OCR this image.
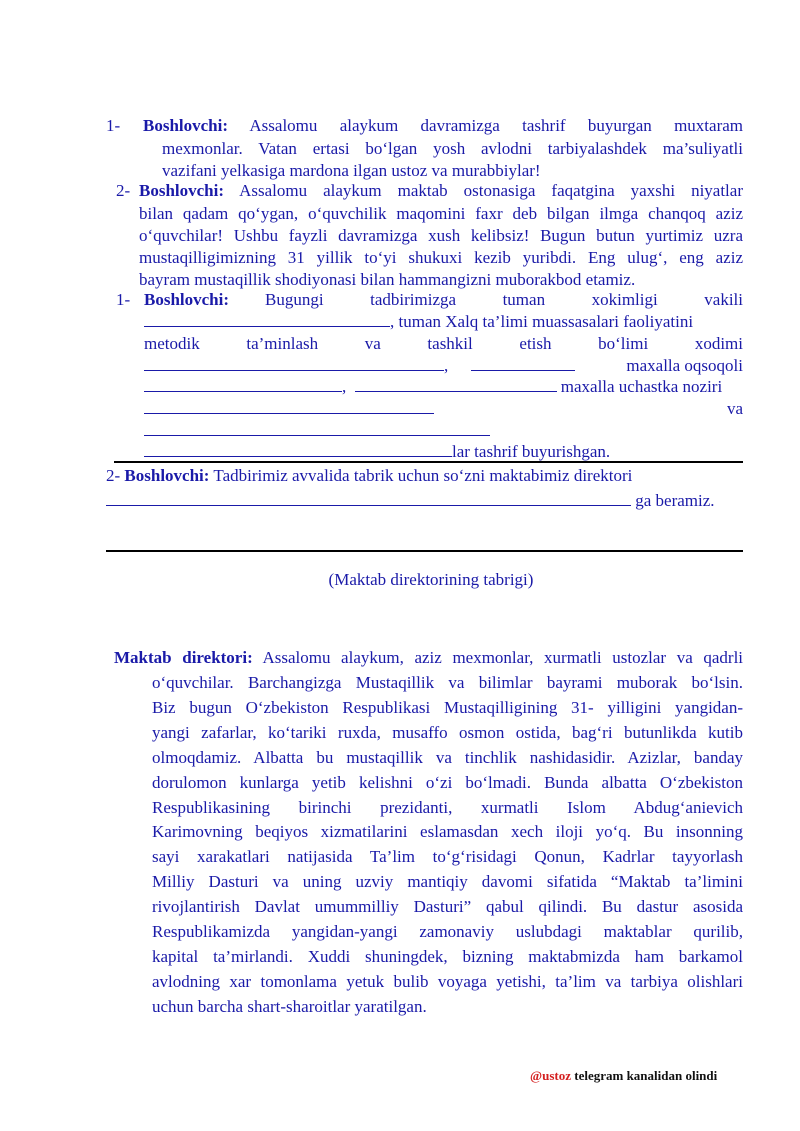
1- Boshlovchi: Assalomu alaykum davramizga tashrif buyurgan muxtaram
mexmonlar. Vatan ertasi bo‘lgan yosh avlodni tarbiyalashdek ma’suliyatli
vazifani yelkasiga mardona ilgan ustoz va murabbiylar!
2- Boshlovchi: Assalomu alaykum maktab ostonasiga faqatgina yaxshi niyatlar
bilan qadam qo‘ygan, o‘quvchilik maqomini faxr deb bilgan ilmga chanqoq aziz
o‘quvchilar! Ushbu fayzli davramizga xush kelibsiz! Bugun butun yurtimiz uzra
mustaqilligimizning 31 yillik to‘yi shukuxi kezib yuribdi. Eng ulug‘, eng aziz
bayram mustaqillik shodiyonasi bilan hammangizni muborakbod etamiz.
1- Boshlovchi: Bugungi tadbirimizga tuman xokimligi vakili
, tuman Xalq ta’limi muassasalari faoliyatini
metodik ta’minlash va tashkil etish bo‘limi xodimi
,	maxalla oqsoqoli
,	maxalla uchastka noziri
va
lar tashrif buyurishgan.
2- Boshlovchi: Tadbirimiz avvalida tabrik uchun so‘zni maktabimiz direktori
ga beramiz.
(Maktab direktorining tabrigi)
Maktab direktori: Assalomu alaykum, aziz mexmonlar, xurmatli ustozlar va qadrli
o‘quvchilar. Barchangizga Mustaqillik va bilimlar bayrami muborak bo‘lsin.
Biz bugun O‘zbekiston Respublikasi Mustaqilligining 31- yilligini yangidan-
yangi zafarlar, ko‘tariki ruxda, musaffo osmon ostida, bag‘ri butunlikda kutib
olmoqdamiz. Albatta bu mustaqillik va tinchlik nashidasidir. Azizlar, banday
dorulomon kunlarga yetib kelishni o‘zi bo‘lmadi. Bunda albatta O‘zbekiston
Respublikasining birinchi prezidanti, xurmatli Islom Abdug‘anievich
Karimovning beqiyos xizmatilarini eslamasdan xech iloji yo‘q. Bu insonning
sayi xarakatlari natijasida Ta’lim to‘g‘risidagi Qonun, Kadrlar tayyorlash
Milliy Dasturi va uning uzviy mantiqiy davomi sifatida “Maktab ta’limini
rivojlantirish Davlat umummilliy Dasturi” qabul qilindi. Bu dastur asosida
Respublikamizda yangidan-yangi zamonaviy uslubdagi maktablar qurilib,
kapital ta’mirlandi. Xuddi shuningdek, bizning maktabmizda ham barkamol
avlodning xar tomonlama yetuk bulib voyaga yetishi, ta’lim va tarbiya olishlari
uchun barcha shart-sharoitlar yaratilgan.
@ustoz telegram kanalidan olindi
